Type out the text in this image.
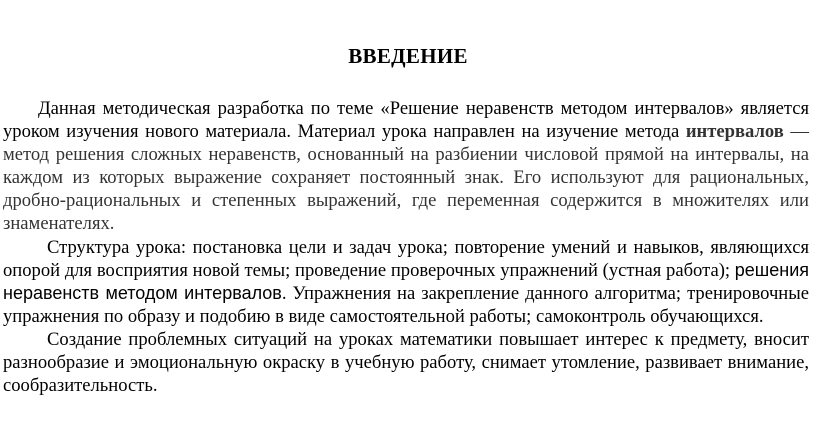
ВВЕДЕНИЕ

Данная методическая разработка по теме «Решение неравенств методом интервалов» является уроком изучения нового материала. Материал урока направлен на изучение метода интервалов — метод решения сложных неравенств, основанный на разбиении числовой прямой на интервалы, на каждом из которых выражение сохраняет постоянный знак. Его используют для рациональных, дробно-рациональных и степенных выражений, где переменная содержится в множителях или знаменателях.

Структура урока: постановка цели и задач урока; повторение умений и навыков, являющихся опорой для восприятия новой темы; проведение проверочных упражнений (устная работа); решения неравенств методом интервалов. Упражнения на закрепление данного алгоритма; тренировочные упражнения по образу и подобию в виде самостоятельной работы; самоконтроль обучающихся.

Создание проблемных ситуаций на уроках математики повышает интерес к предмету, вносит разнообразие и эмоциональную окраску в учебную работу, снимает утомление, развивает внимание, сообразительность.
